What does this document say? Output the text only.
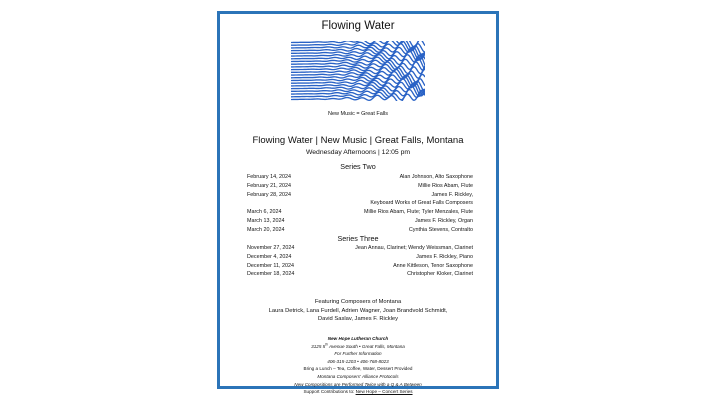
Flowing Water
New Music = Great Falls
Flowing Water | New Music | Great Falls, Montana
Wednesday Afternoons | 12:05 pm
Series Two
February 14, 2024	Alan Johnson, Alto Saxophone
February 21, 2024	Millie Rios Abam, Flute
February 28, 2024	James F. Rickley,
Keyboard Works of Great Falls Composers
March 6, 2024	Millie Rios Abam, Flute; Tyler Menzales, Flute
March 13, 2024	James F. Rickley, Organ
March 20, 2024	Cynthia Stevens, Contralto
Series Three
November 27, 2024	Jean Annau, Clarinet; Wendy Weissman, Clarinet
December 4, 2024	James F. Rickley, Piano
December 11, 2024	Anne Kittleson, Tenor Saxophone
December 18, 2024	Christopher Kloker, Clarinet
Featuring Composers of Montana
Laura Detrick, Lana Furdell, Adrien Wagner, Joan Brandvold Schmidt,
David Saslav, James F. Rickley
New Hope Lutheran Church
3125 5th Avenue South • Great Falls, Montana
For Further Information
406-315-1203 • 406-768-8023
Bring a Lunch – Tea, Coffee, Water, Dessert Provided
Montana Composers' Alliance Protocols
New Compositions are Performed Twice with a Q & A Between
Support Contributions to: New Hope – Concert Series
